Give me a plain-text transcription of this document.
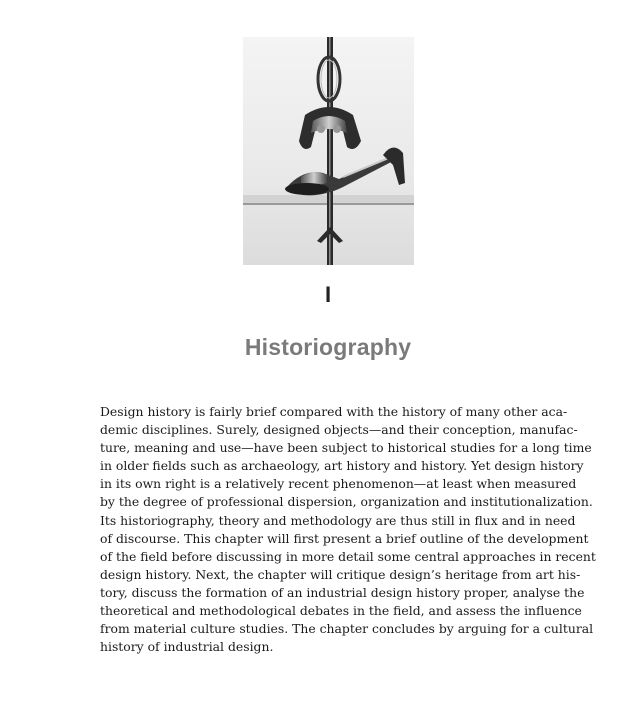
I
Historiography
Design history is fairly brief compared with the history of many other aca-
demic disciplines. Surely, designed objects—and their conception, manufac-
ture, meaning and use—have been subject to historical studies for a long time
in older fields such as archaeology, art history and history. Yet design history
in its own right is a relatively recent phenomenon—at least when measured
by the degree of professional dispersion, organization and institutionalization.
Its historiography, theory and methodology are thus still in flux and in need
of discourse. This chapter will first present a brief outline of the development
of the field before discussing in more detail some central approaches in recent
design history. Next, the chapter will critique design’s heritage from art his-
tory, discuss the formation of an industrial design history proper, analyse the
theoretical and methodological debates in the field, and assess the influence
from material culture studies. The chapter concludes by arguing for a cultural
history of industrial design.
